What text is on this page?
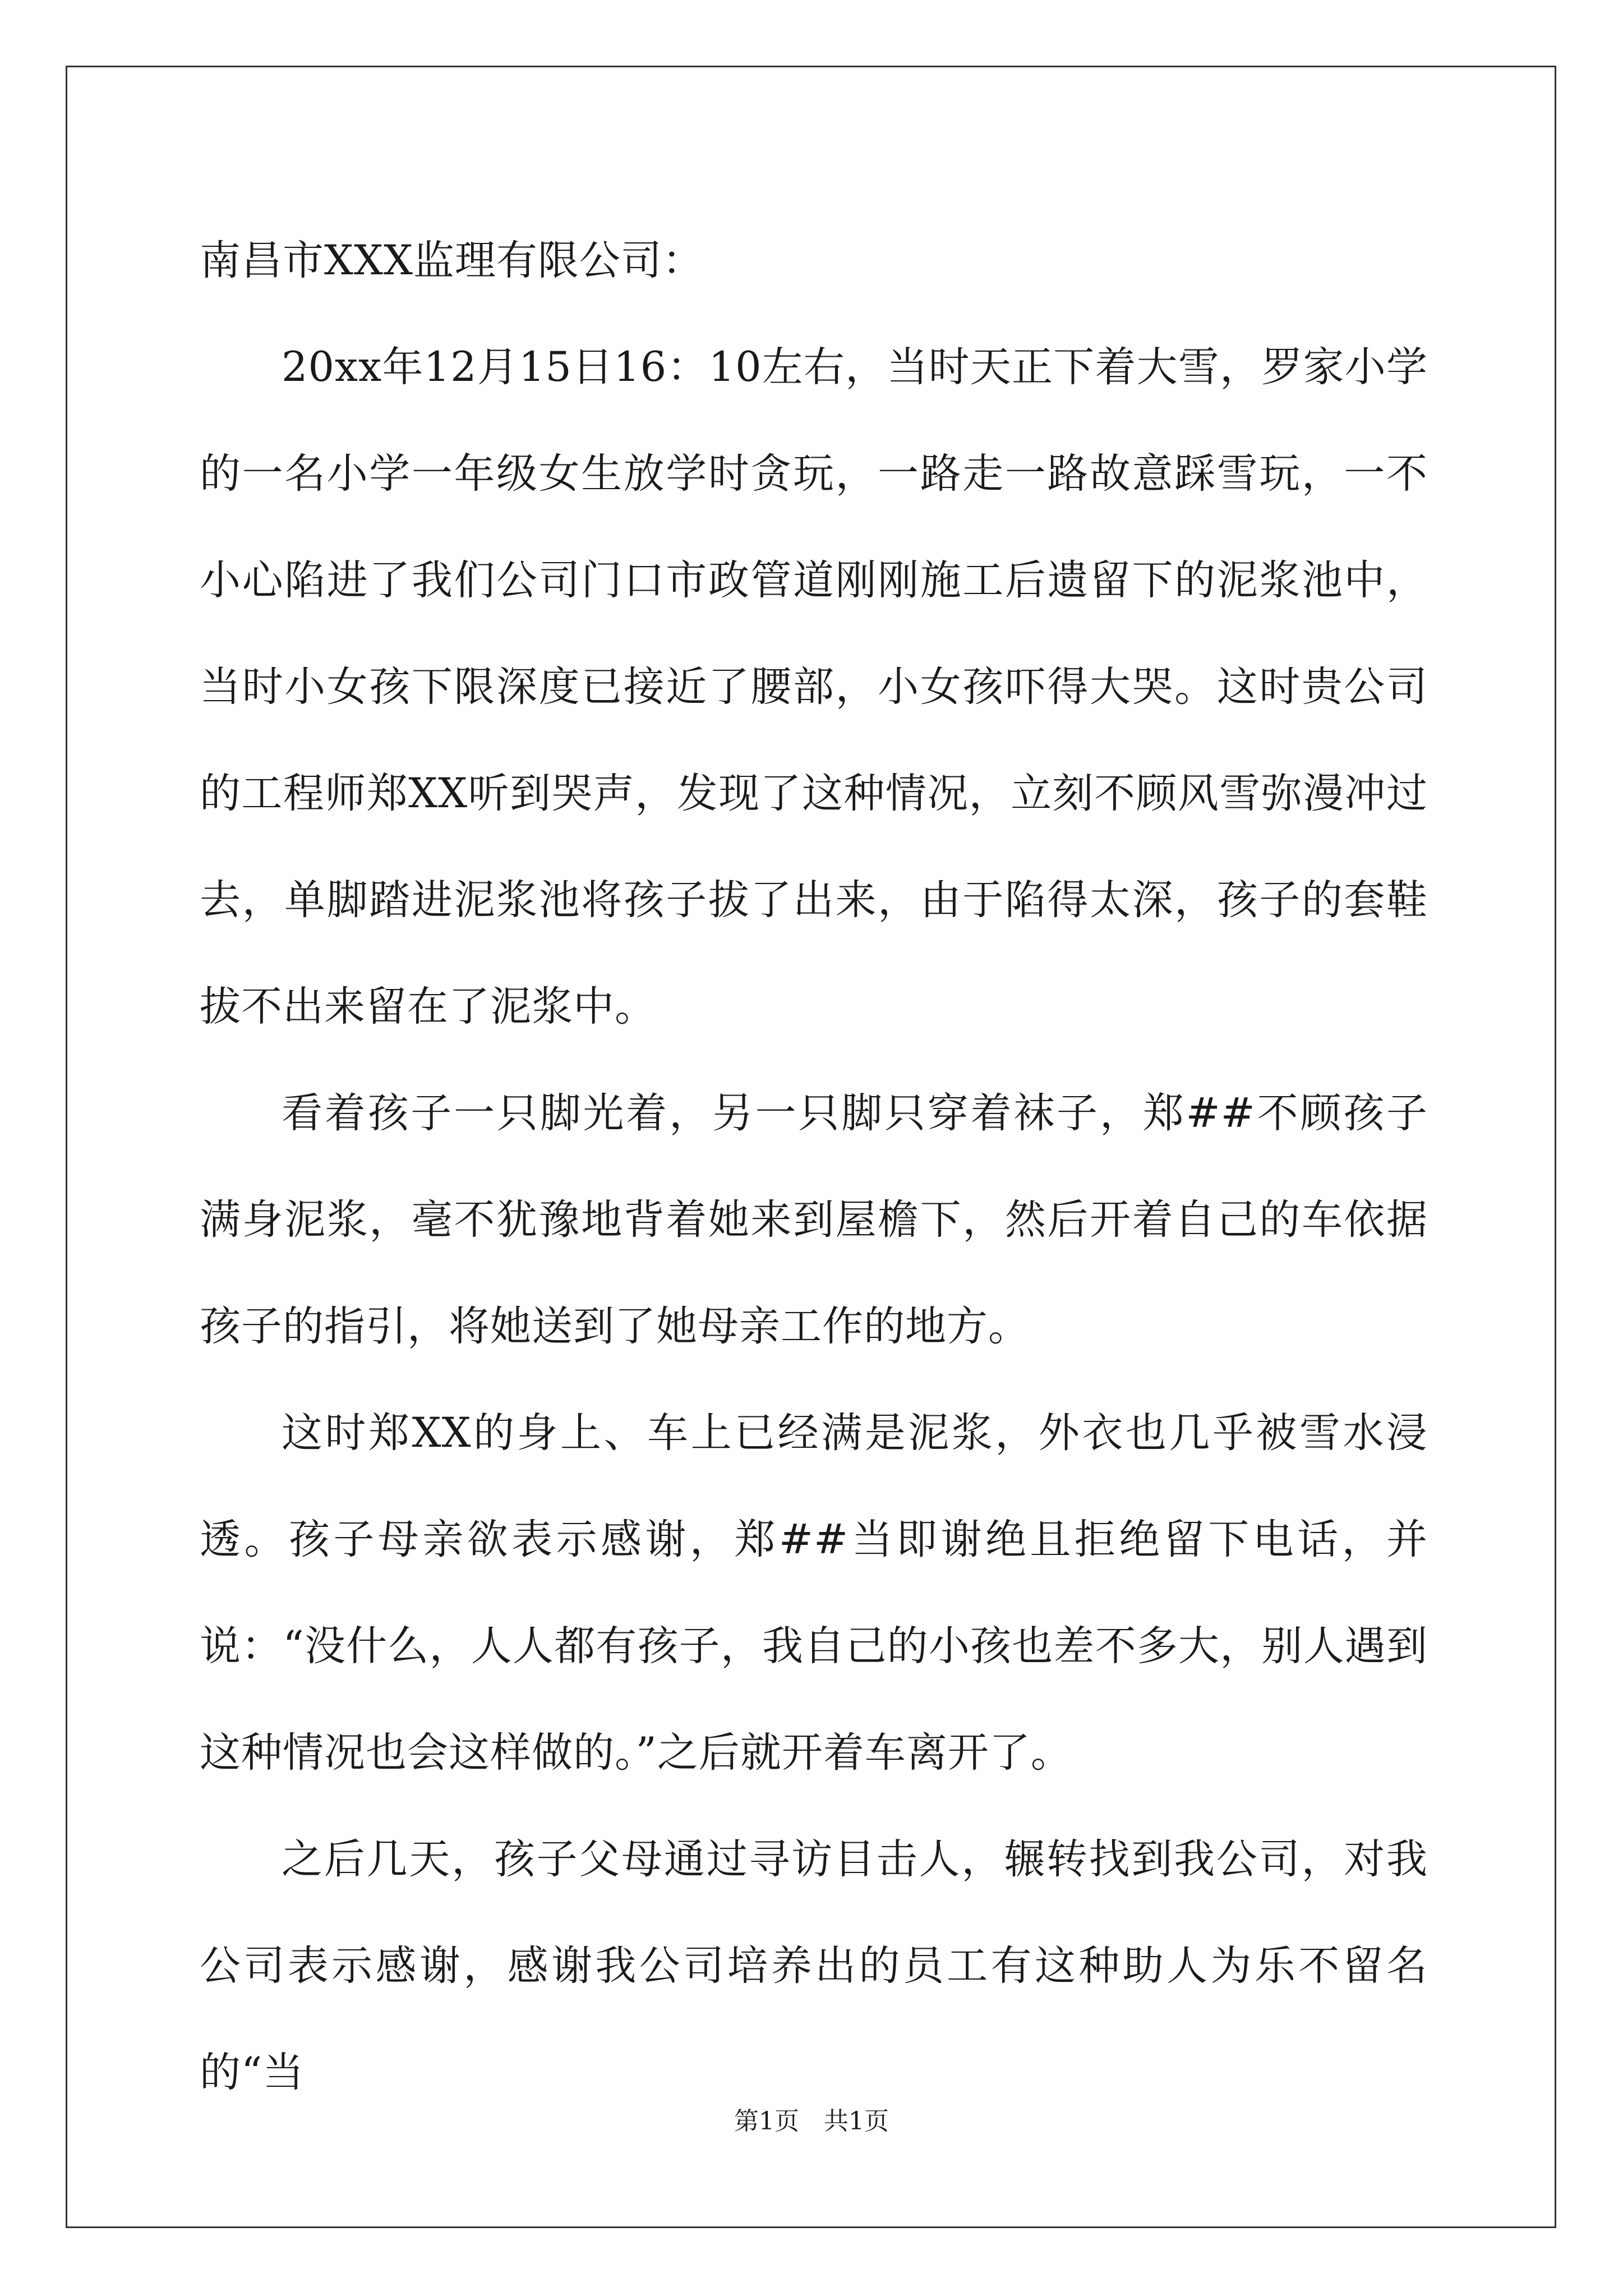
南昌市XXX监理有限公司：

20xx年12月15日16：10左右，当时天正下着大雪，罗家小学的一名小学一年级女生放学时贪玩，一路走一路故意踩雪玩，一不小心陷进了我们公司门口市政管道刚刚施工后遗留下的泥浆池中，当时小女孩下限深度已接近了腰部，小女孩吓得大哭。这时贵公司的工程师郑XX听到哭声，发现了这种情况，立刻不顾风雪弥漫冲过去，单脚踏进泥浆池将孩子拔了出来，由于陷得太深，孩子的套鞋拔不出来留在了泥浆中。

看着孩子一只脚光着，另一只脚只穿着袜子，郑##不顾孩子满身泥浆，毫不犹豫地背着她来到屋檐下，然后开着自己的车依据孩子的指引，将她送到了她母亲工作的地方。

这时郑XX的身上、车上已经满是泥浆，外衣也几乎被雪水浸透。孩子母亲欲表示感谢，郑##当即谢绝且拒绝留下电话，并说：“没什么，人人都有孩子，我自己的小孩也差不多大，别人遇到这种情况也会这样做的。”之后就开着车离开了。

之后几天，孩子父母通过寻访目击人，辗转找到我公司，对我公司表示感谢，感谢我公司培养出的员工有这种助人为乐不留名的“当

第1页 共1页
